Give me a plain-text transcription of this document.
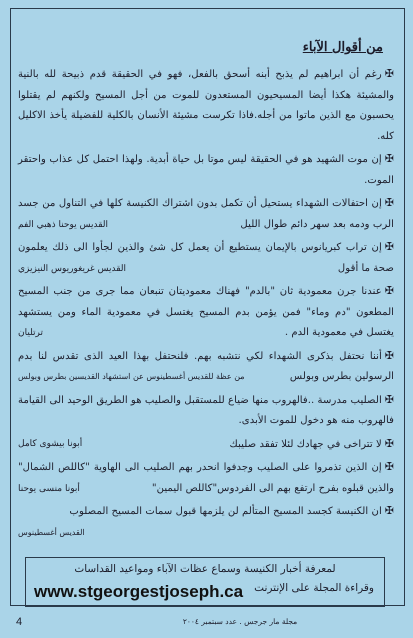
من أقوال الآباء

✠رغم أن ابراهيم لم يذبح أبنه أسحق بالفعل، فهو في الحقيقة قدم ذبيحة لله بالنية والمشيئة هكذا أيضا المسيحيون المستعدون للموت من أجل المسيح ولكنهم لم يقتلوا يحسبون مع الذين ماتوا من أجله.فاذا تكرست مشيئة الأنسان بالكلية للفضيلة يأخذ الاكليل كله.

✠إن موت الشهيد هو في الحقيقة ليس موتا بل حياة أبدية. ولهذا احتمل كل عذاب واحتقر الموت.

✠إن احتفالات الشهداء يستحيل أن تكمل بدون اشتراك الكنيسة كلها في التناول من جسد الرب ودمه بعد سهر دائم طوال الليل
القديس يوحنا ذهبي الفم

✠إن تراب كبريانوس بالإيمان يستطيع أن يعمل كل شئ والذين لجأوا الى ذلك يعلمون صحة ما أقول
القديس غريغوريوس النيزيزي

✠عندنا جرن معمودية ثان "بالدم" فهناك معموديتان تنبعان مما جرى من جنب المسيح المطعون "دم وماء" فمن يؤمن بدم المسيح يغتسل في معمودية الماء ومن يستشهد يغتسل في معمودية الدم .
ترتليان

✠أننا نحتفل بذكرى الشهداء لكي نتشبه بهم. فلنحتفل بهذا العيد الذى تقدس لنا بدم الرسولين بطرس وبولس
من عظة للقديس أغسطينوس عن استشهاد القديسين بطرس وبولس

✠الصليب مدرسة ..فالهروب منها ضياع للمستقبل والصليب هو الطريق الوحيد الى القيامة فالهروب منه هو دخول للموت الأبدى.

✠لا تتراخى في جهادك لئلا تفقد صليبك
أبونا بيشوى كامل

✠إن الذين تذمروا على الصليب وجدفوا انحدر بهم الصليب الى الهاوية "كاللص الشمال" والذين قبلوه بفرح ارتفع بهم الى الفردوس"كاللص اليمين"
أبونا منسى يوحنا

✠ان الكنيسة كجسد المسيح المتألم لن يلزمها قبول سمات المسيح المصلوب
القديس أغسطينوس

لمعرفة أخبار الكنيسة وسماع عظات الآباء ومواعيد القداسات
وقراءة المجلة على الإنترنت
www.stgeorgestjoseph.ca
4	مجلة مار جرجس . عدد سبتمبر ٢٠٠٤
